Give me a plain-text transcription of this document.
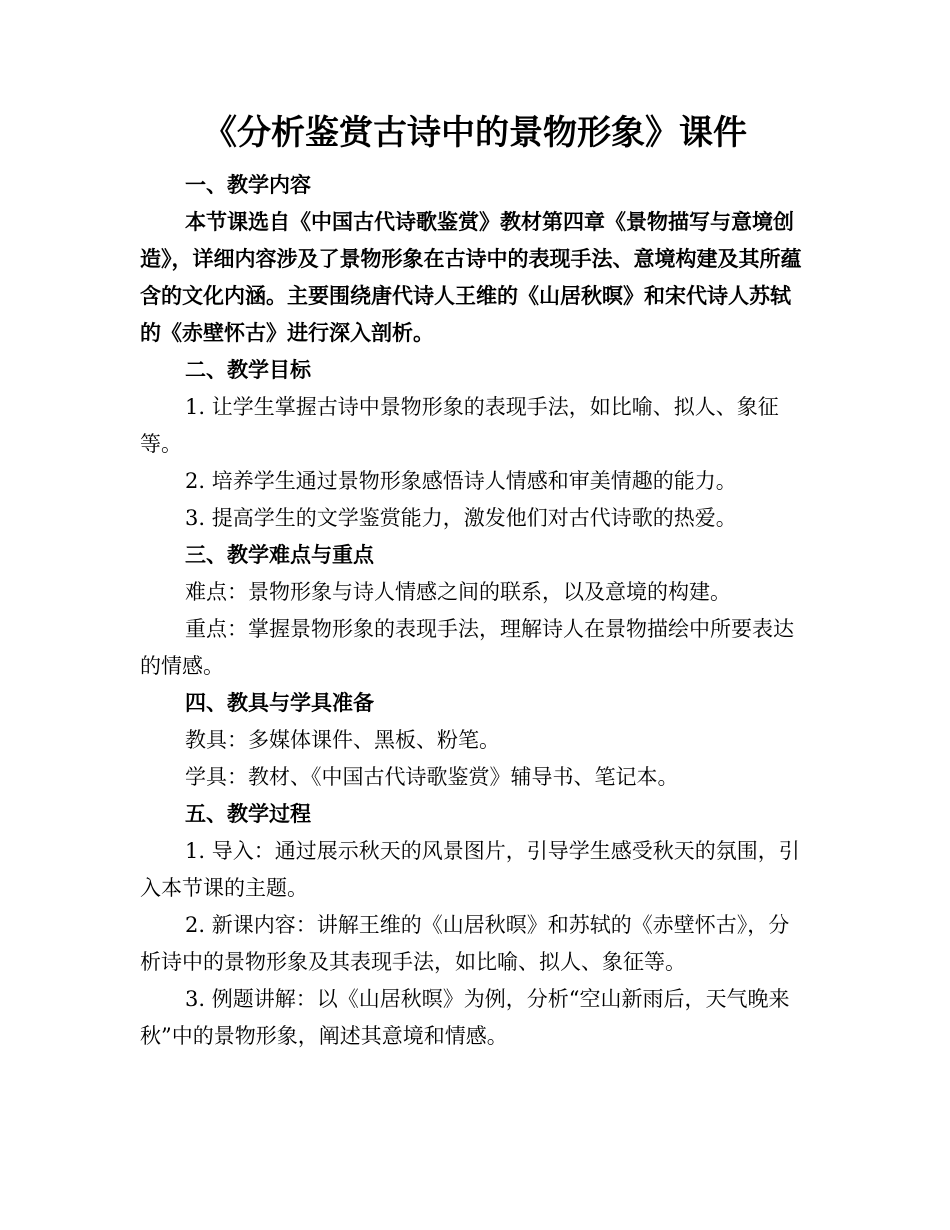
《分析鉴赏古诗中的景物形象》课件
一、教学内容
本节课选自《中国古代诗歌鉴赏》教材第四章《景物描写与意境创造》，详细内容涉及了景物形象在古诗中的表现手法、意境构建及其所蕴含的文化内涵。主要围绕唐代诗人王维的《山居秋暝》和宋代诗人苏轼的《赤壁怀古》进行深入剖析。
二、教学目标
1. 让学生掌握古诗中景物形象的表现手法，如比喻、拟人、象征等。
2. 培养学生通过景物形象感悟诗人情感和审美情趣的能力。
3. 提高学生的文学鉴赏能力，激发他们对古代诗歌的热爱。
三、教学难点与重点
难点：景物形象与诗人情感之间的联系，以及意境的构建。
重点：掌握景物形象的表现手法，理解诗人在景物描绘中所要表达的情感。
四、教具与学具准备
教具：多媒体课件、黑板、粉笔。
学具：教材、《中国古代诗歌鉴赏》辅导书、笔记本。
五、教学过程
1. 导入：通过展示秋天的风景图片，引导学生感受秋天的氛围，引入本节课的主题。
2. 新课内容：讲解王维的《山居秋暝》和苏轼的《赤壁怀古》，分析诗中的景物形象及其表现手法，如比喻、拟人、象征等。
3. 例题讲解：以《山居秋暝》为例，分析“空山新雨后，天气晚来秋”中的景物形象，阐述其意境和情感。
